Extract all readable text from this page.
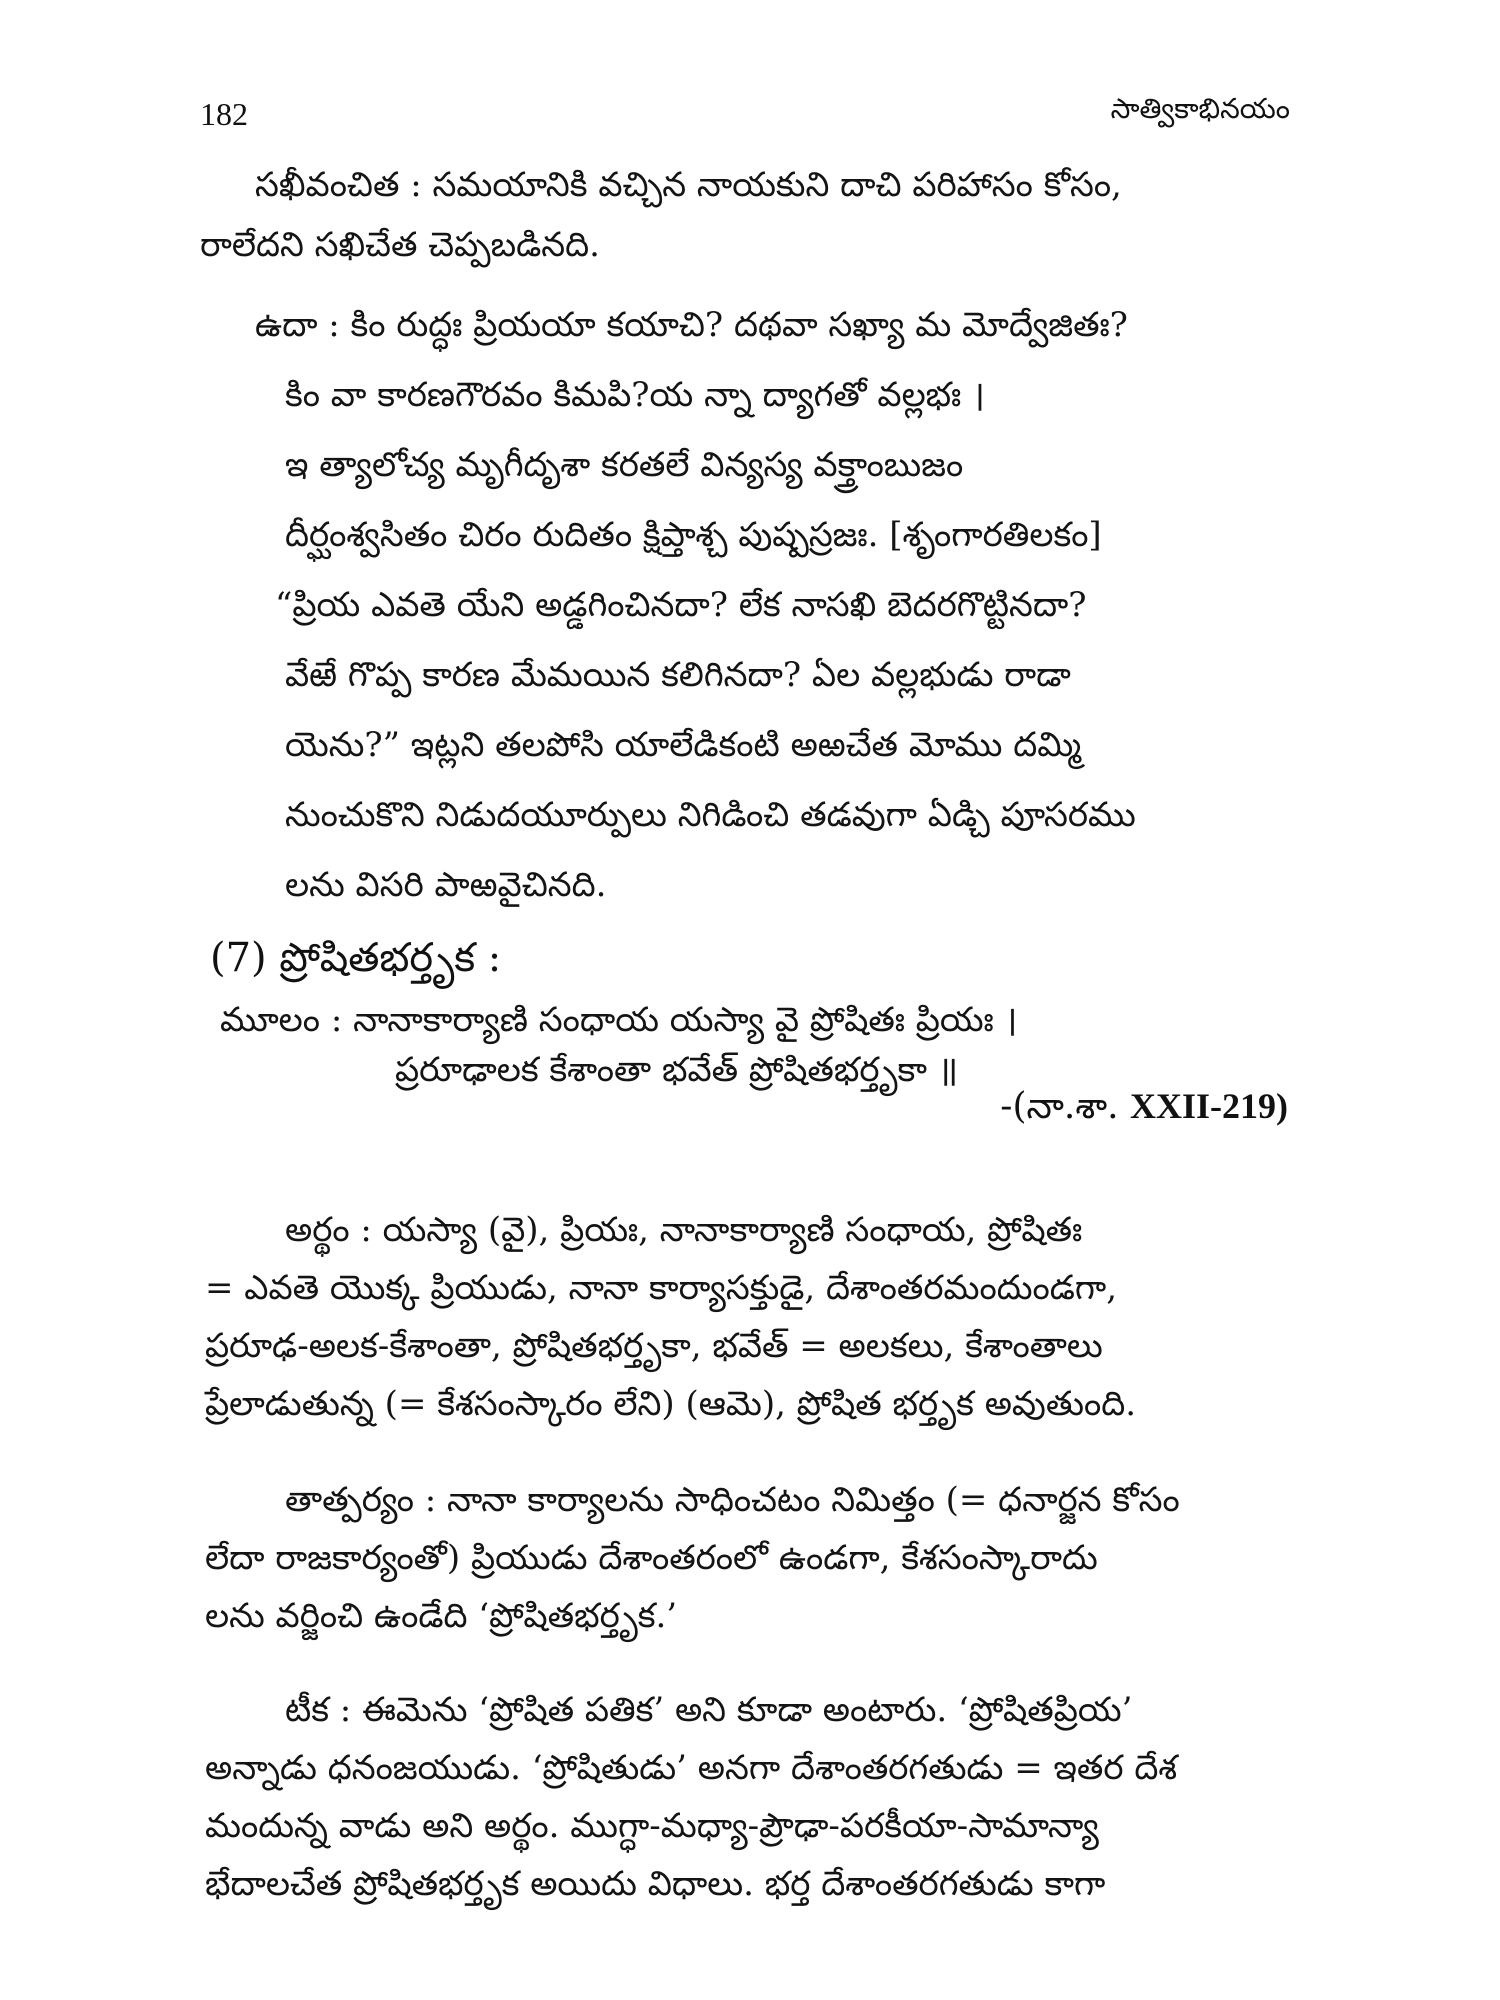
182	సాత్వికాభినయం
సఖీవంచిత : సమయానికి వచ్చిన నాయకుని దాచి పరిహాసం కోసం,
రాలేదని సఖిచేత చెప్పబడినది.
ఉదా : కిం రుద్ధః ప్రియయా కయాచి? దథవా సఖ్యా మ మోద్వేజితః?
కిం వా కారణగౌరవం కిమపి?య న్నా ద్యాగతో వల్లభః ।
ఇ త్యాలోచ్య మృగీదృశా కరతలే విన్యస్య వక్త్రాంబుజం
దీర్ఘంశ్వసితం చిరం రుదితం క్షిప్తాశ్చ పుష్పస్రజః. [శృంగారతిలకం]
“ప్రియ ఎవతె యేని అడ్డగించినదా? లేక నాసఖి బెదరగొట్టినదా?
వేఱే గొప్ప కారణ మేమయిన కలిగినదా? ఏల వల్లభుడు రాడా
యెను?” ఇట్లని తలపోసి యాలేడికంటి అఱచేత మోము దమ్మి
నుంచుకొని నిడుదయూర్పులు నిగిడించి తడవుగా ఏడ్చి పూసరము
లను విసరి పాఱవైచినది.
(7) ప్రోషితభర్తృక :
మూలం : నానాకార్యాణి సంధాయ యస్యా వై ప్రోషితః ప్రియః ।
ప్రరూఢాలక కేశాంతా భవేత్ ప్రోషితభర్తృకా ॥
-(నా.శా. XXII-219)
అర్థం : యస్యా (వై), ప్రియః, నానాకార్యాణి సంధాయ, ప్రోషితః
= ఎవతె యొక్క ప్రియుడు, నానా కార్యాసక్తుడై, దేశాంతరమందుండగా,
ప్రరూఢ-అలక-కేశాంతా, ప్రోషితభర్తృకా, భవేత్ = అలకలు, కేశాంతాలు
ప్రేలాడుతున్న (= కేశసంస్కారం లేని) (ఆమె), ప్రోషిత భర్తృక అవుతుంది.
తాత్పర్యం : నానా కార్యాలను సాధించటం నిమిత్తం (= ధనార్జన కోసం
లేదా రాజకార్యంతో) ప్రియుడు దేశాంతరంలో ఉండగా, కేశసంస్కారాదు
లను వర్జించి ఉండేది ‘ప్రోషితభర్తృక.’
టీక : ఈమెను ‘ప్రోషిత పతిక’ అని కూడా అంటారు. ‘ప్రోషితప్రియ’
అన్నాడు ధనంజయుడు. ‘ప్రోషితుడు’ అనగా దేశాంతరగతుడు = ఇతర దేశ
మందున్న వాడు అని అర్థం. ముగ్ధా-మధ్యా-ప్రౌఢా-పరకీయా-సామాన్యా
భేదాలచేత ప్రోషితభర్తృక అయిదు విధాలు. భర్త దేశాంతరగతుడు కాగా
